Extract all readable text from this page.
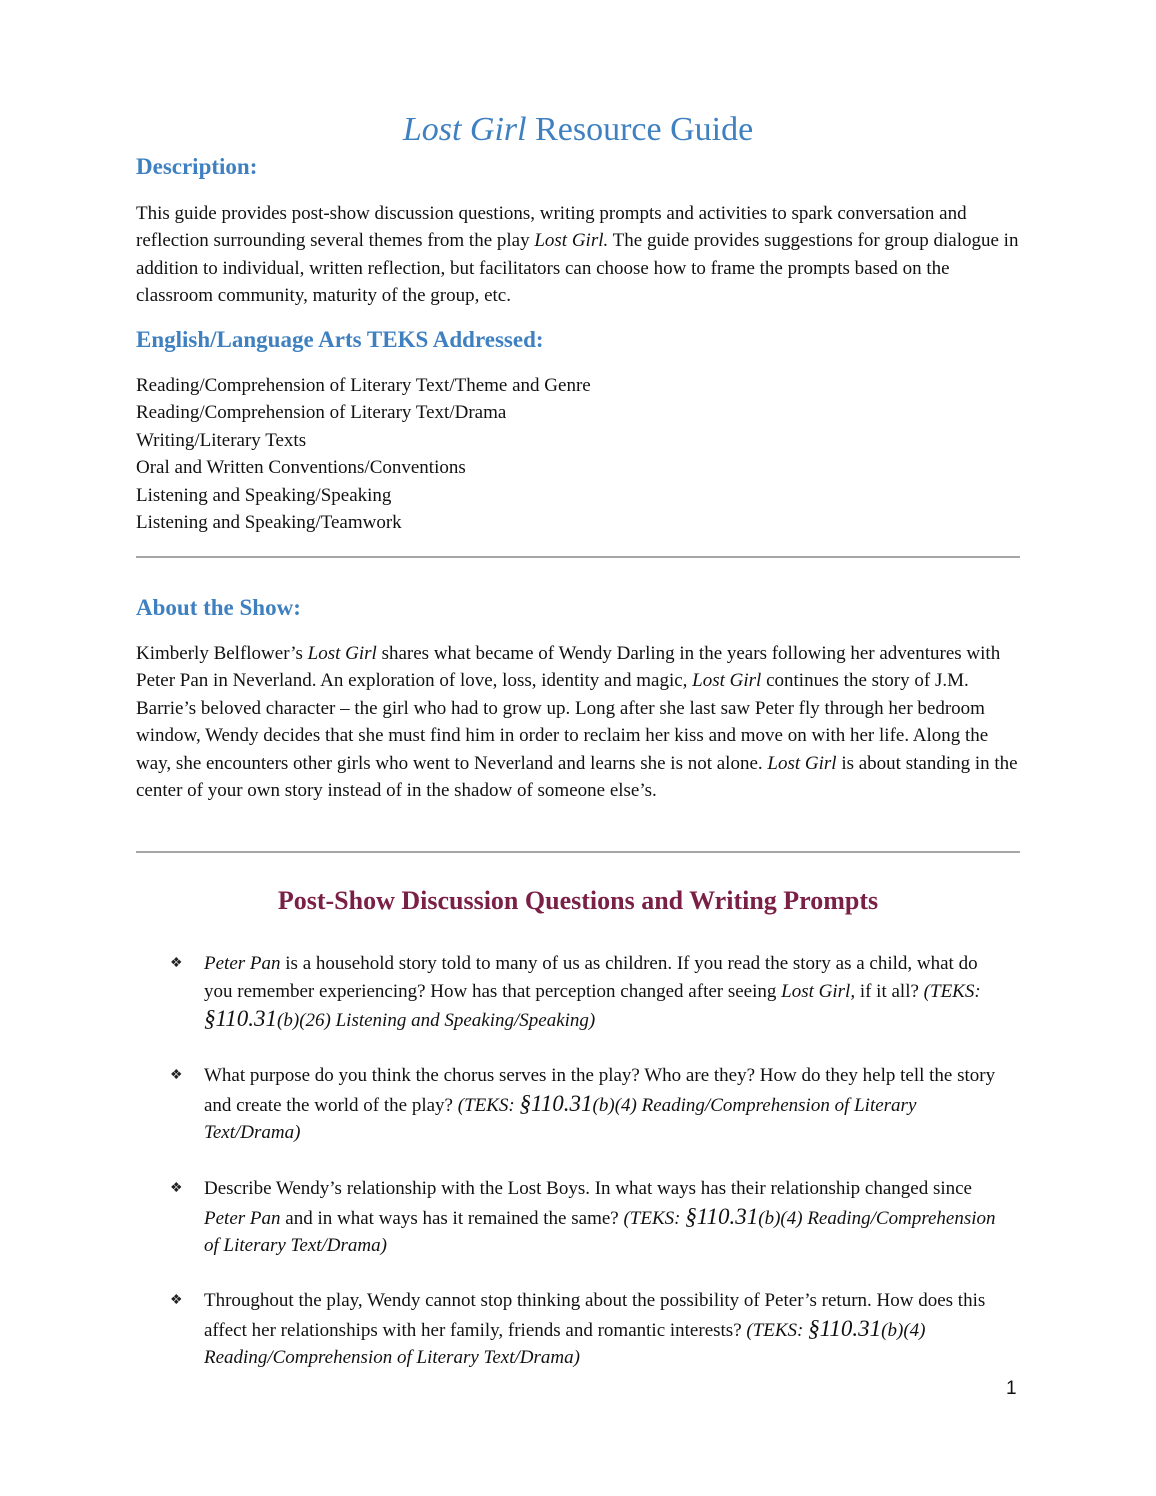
Lost Girl Resource Guide
Description:
This guide provides post-show discussion questions, writing prompts and activities to spark conversation and reflection surrounding several themes from the play Lost Girl. The guide provides suggestions for group dialogue in addition to individual, written reflection, but facilitators can choose how to frame the prompts based on the classroom community, maturity of the group, etc.
English/Language Arts TEKS Addressed:
Reading/Comprehension of Literary Text/Theme and Genre
Reading/Comprehension of Literary Text/Drama
Writing/Literary Texts
Oral and Written Conventions/Conventions
Listening and Speaking/Speaking
Listening and Speaking/Teamwork
About the Show:
Kimberly Belflower’s Lost Girl shares what became of Wendy Darling in the years following her adventures with Peter Pan in Neverland. An exploration of love, loss, identity and magic, Lost Girl continues the story of J.M. Barrie’s beloved character – the girl who had to grow up. Long after she last saw Peter fly through her bedroom window, Wendy decides that she must find him in order to reclaim her kiss and move on with her life. Along the way, she encounters other girls who went to Neverland and learns she is not alone. Lost Girl is about standing in the center of your own story instead of in the shadow of someone else’s.
Post-Show Discussion Questions and Writing Prompts
❖ Peter Pan is a household story told to many of us as children. If you read the story as a child, what do you remember experiencing? How has that perception changed after seeing Lost Girl, if it all? (TEKS: §110.31(b)(26) Listening and Speaking/Speaking)
❖ What purpose do you think the chorus serves in the play? Who are they? How do they help tell the story and create the world of the play? (TEKS: §110.31(b)(4) Reading/Comprehension of Literary Text/Drama)
❖ Describe Wendy’s relationship with the Lost Boys. In what ways has their relationship changed since Peter Pan and in what ways has it remained the same? (TEKS: §110.31(b)(4) Reading/Comprehension of Literary Text/Drama)
❖ Throughout the play, Wendy cannot stop thinking about the possibility of Peter’s return. How does this affect her relationships with her family, friends and romantic interests? (TEKS: §110.31(b)(4) Reading/Comprehension of Literary Text/Drama)
1
